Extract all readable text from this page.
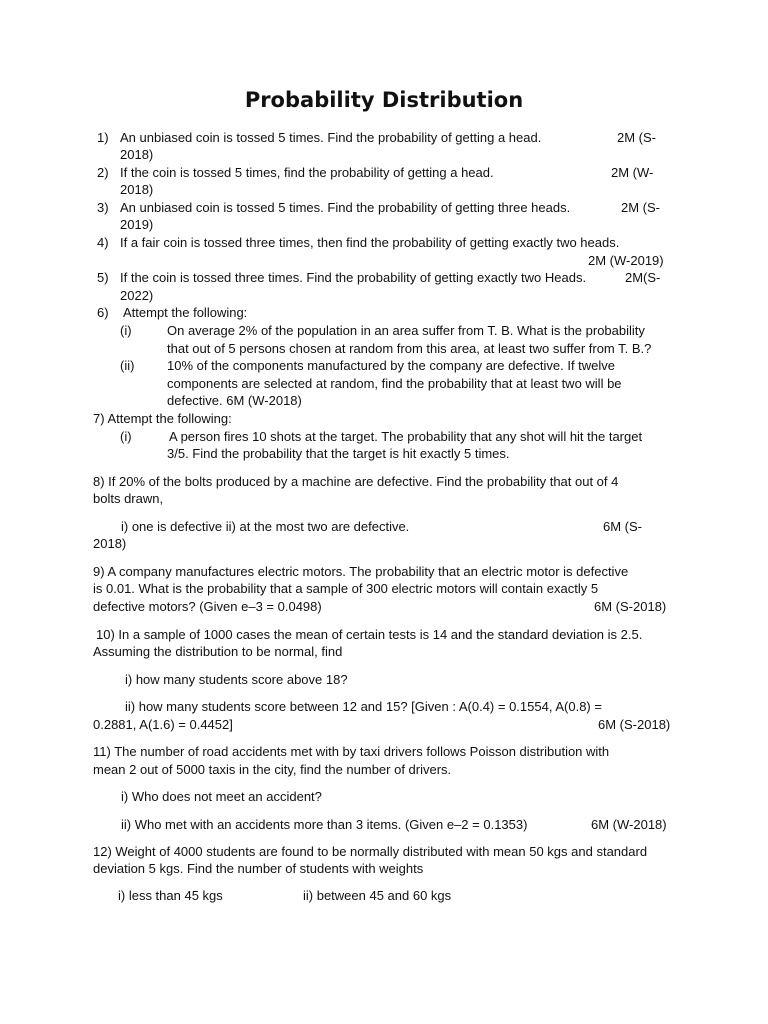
Probability Distribution
1) An unbiased coin is tossed 5 times. Find the probability of getting a head.	2M (S-
2018)
2) If the coin is tossed 5 times, find the probability of getting a head.	2M (W-
2018)
3) An unbiased coin is tossed 5 times. Find the probability of getting three heads.	2M (S-
2019)
4) If a fair coin is tossed three times, then find the probability of getting exactly two heads.
2M (W-2019)
5) If the coin is tossed three times. Find the probability of getting exactly two Heads.	2M(S-
2022)
6) Attempt the following:
(i)	On average 2% of the population in an area suffer from T. B. What is the probability
that out of 5 persons chosen at random from this area, at least two suffer from T. B.?
(ii)	10% of the components manufactured by the company are defective. If twelve
components are selected at random, find the probability that at least two will be
defective. 6M (W-2018)
7) Attempt the following:
(i)	A person fires 10 shots at the target. The probability that any shot will hit the target
3/5. Find the probability that the target is hit exactly 5 times.
8) If 20% of the bolts produced by a machine are defective. Find the probability that out of 4
bolts drawn,
i) one is defective ii) at the most two are defective.	6M (S-
2018)
9) A company manufactures electric motors. The probability that an electric motor is defective
is 0.01. What is the probability that a sample of 300 electric motors will contain exactly 5
defective motors? (Given e–3 = 0.0498)	6M (S-2018)
10) In a sample of 1000 cases the mean of certain tests is 14 and the standard deviation is 2.5.
Assuming the distribution to be normal, find
i) how many students score above 18?
ii) how many students score between 12 and 15? [Given : A(0.4) = 0.1554, A(0.8) =
0.2881, A(1.6) = 0.4452]	6M (S-2018)
11) The number of road accidents met with by taxi drivers follows Poisson distribution with
mean 2 out of 5000 taxis in the city, find the number of drivers.
i) Who does not meet an accident?
ii) Who met with an accidents more than 3 items. (Given e–2 = 0.1353)	6M (W-2018)
12) Weight of 4000 students are found to be normally distributed with mean 50 kgs and standard
deviation 5 kgs. Find the number of students with weights
i) less than 45 kgs	ii) between 45 and 60 kgs
